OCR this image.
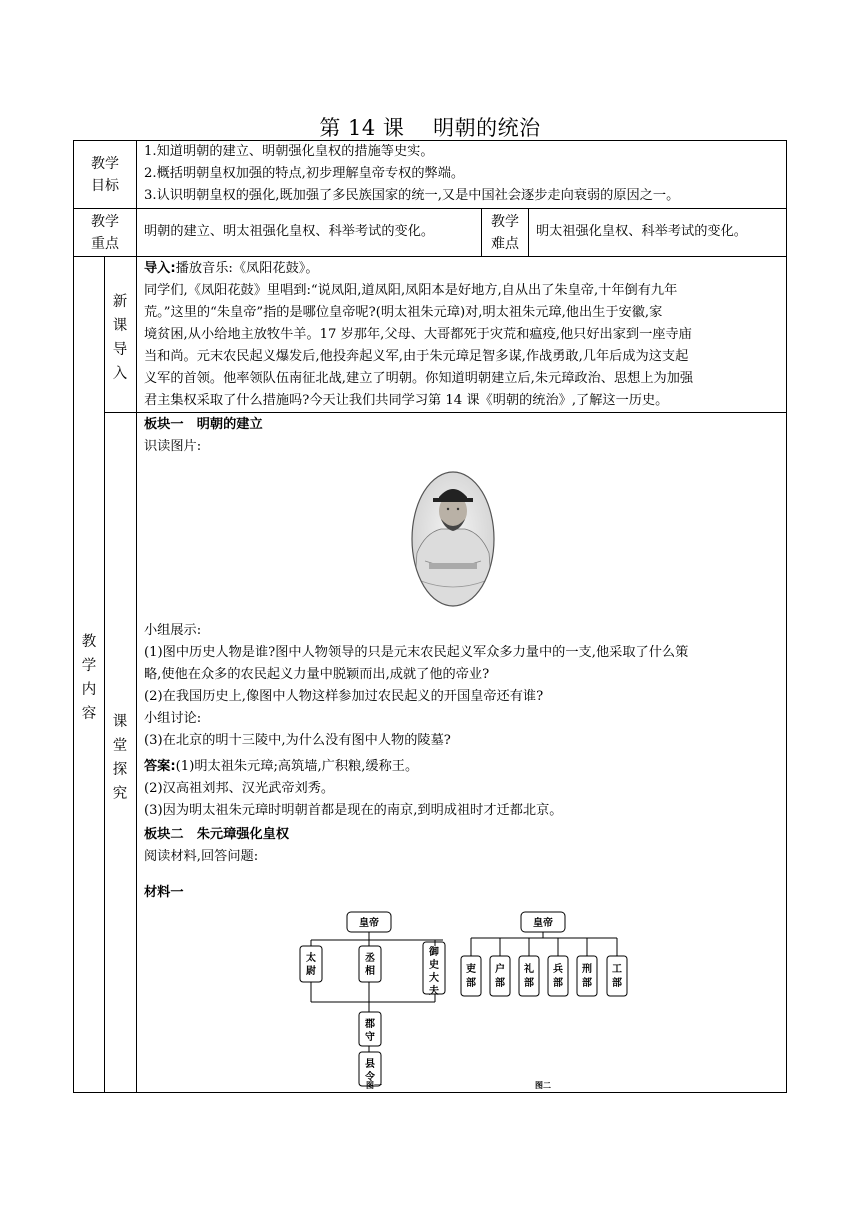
第 14 课    明朝的统治
教学
目标
1.知道明朝的建立、明朝强化皇权的措施等史实。
2.概括明朝皇权加强的特点,初步理解皇帝专权的弊端。
3.认识明朝皇权的强化,既加强了多民族国家的统一,又是中国社会逐步走向衰弱的原因之一。
教学
重点
明朝的建立、明太祖强化皇权、科举考试的变化。
教学
难点
明太祖强化皇权、科举考试的变化。
教
学
内
容
新
课
导
入
导入:播放音乐:《凤阳花鼓》。
同学们,《凤阳花鼓》里唱到:“说凤阳,道凤阳,凤阳本是好地方,自从出了朱皇帝,十年倒有九年
荒。”这里的“朱皇帝”指的是哪位皇帝呢?(明太祖朱元璋)对,明太祖朱元璋,他出生于安徽,家
境贫困,从小给地主放牧牛羊。17 岁那年,父母、大哥都死于灾荒和瘟疫,他只好出家到一座寺庙
当和尚。元末农民起义爆发后,他投奔起义军,由于朱元璋足智多谋,作战勇敢,几年后成为这支起
义军的首领。他率领队伍南征北战,建立了明朝。你知道明朝建立后,朱元璋政治、思想上为加强
君主集权采取了什么措施吗?今天让我们共同学习第 14 课《明朝的统治》,了解这一历史。
课
堂
探
究
板块一　明朝的建立
识读图片:
小组展示:
(1)图中历史人物是谁?图中人物领导的只是元末农民起义军众多力量中的一支,他采取了什么策
略,使他在众多的农民起义力量中脱颖而出,成就了他的帝业?
(2)在我国历史上,像图中人物这样参加过农民起义的开国皇帝还有谁?
小组讨论:
(3)在北京的明十三陵中,为什么没有图中人物的陵墓?
答案:(1)明太祖朱元璋;高筑墙,广积粮,缓称王。
(2)汉高祖刘邦、汉光武帝刘秀。
(3)因为明太祖朱元璋时明朝首都是现在的南京,到明成祖时才迁都北京。
板块二　朱元璋强化皇权
阅读材料,回答问题:
材料一
皇帝	皇帝
图一	图二
太尉
丞相
御史大夫
郡守
县令
吏部
户部
礼部
兵部
刑部
工部
